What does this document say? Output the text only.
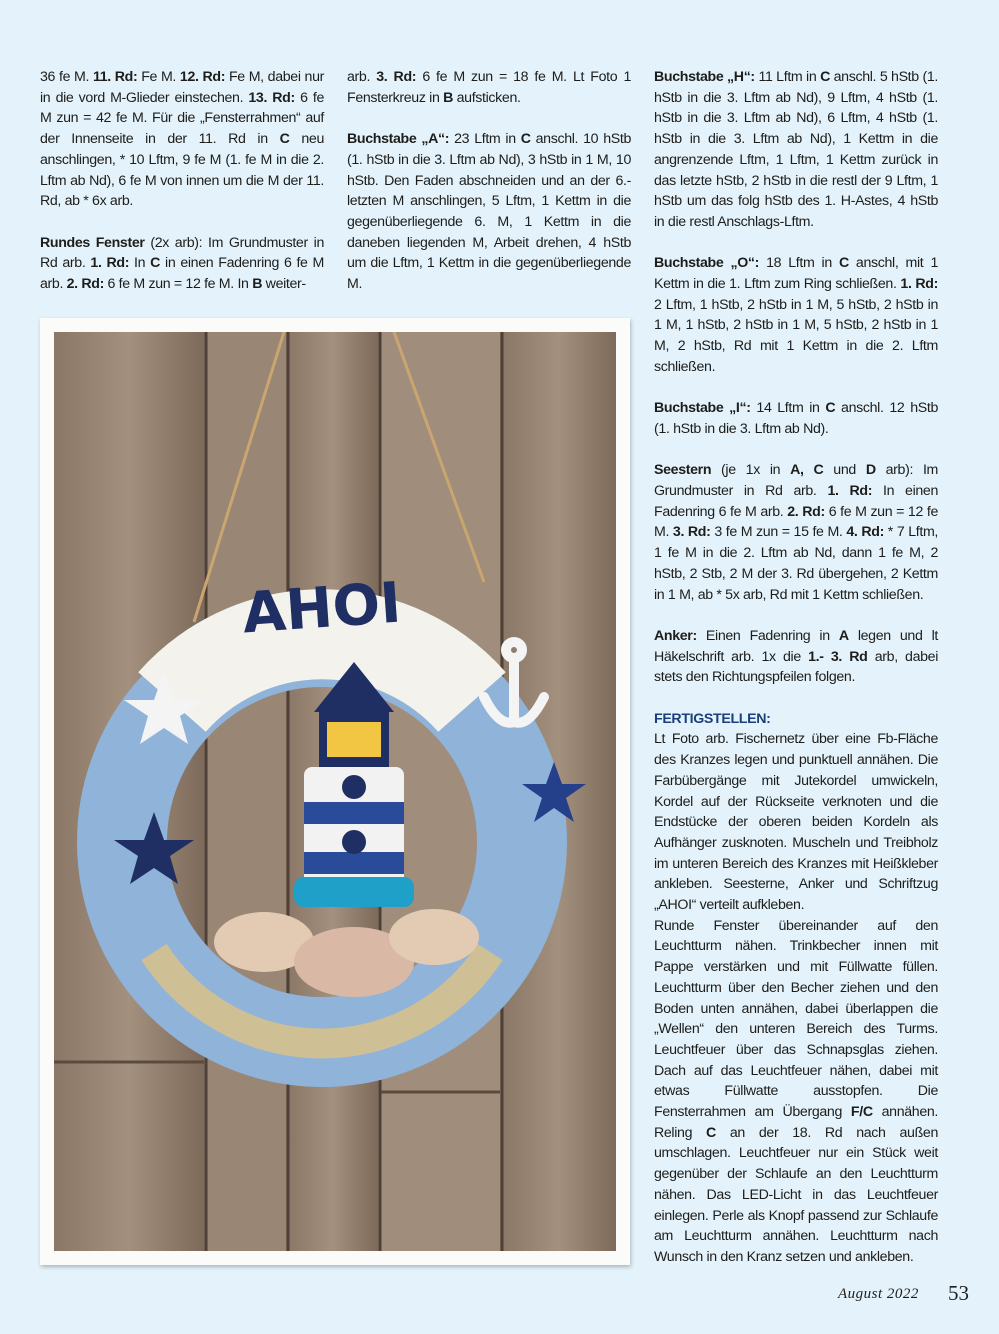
36 fe M. 11. Rd: Fe M. 12. Rd: Fe M, dabei nur in die vord M-Glieder einstechen. 13. Rd: 6 fe M zun = 42 fe M. Für die „Fensterrahmen“ auf der Innenseite in der 11. Rd in C neu anschlingen, * 10 Lftm, 9 fe M (1. fe M in die 2. Lftm ab Nd), 6 fe M von innen um die M der 11. Rd, ab * 6x arb.

Rundes Fenster (2x arb): Im Grundmuster in Rd arb. 1. Rd: In C in einen Fadenring 6 fe M arb. 2. Rd: 6 fe M zun = 12 fe M. In B weiter-

arb. 3. Rd: 6 fe M zun = 18 fe M. Lt Foto 1 Fensterkreuz in B aufsticken.

Buchstabe „A“: 23 Lftm in C anschl. 10 hStb (1. hStb in die 3. Lftm ab Nd), 3 hStb in 1 M, 10 hStb. Den Faden abschneiden und an der 6.-letzten M anschlingen, 5 Lftm, 1 Kettm in die gegenüberliegende 6. M, 1 Kettm in die daneben liegenden M, Arbeit drehen, 4 hStb um die Lftm, 1 Kettm in die gegenüberliegende M.

AHOI

Buchstabe „H“: 11 Lftm in C anschl. 5 hStb (1. hStb in die 3. Lftm ab Nd), 9 Lftm, 4 hStb (1. hStb in die 3. Lftm ab Nd), 6 Lftm, 4 hStb (1. hStb in die 3. Lftm ab Nd), 1 Kettm in die angrenzende Lftm, 1 Lftm, 1 Kettm zurück in das letzte hStb, 2 hStb in die restl der 9 Lftm, 1 hStb um das folg hStb des 1. H-Astes, 4 hStb in die restl Anschlags-Lftm.

Buchstabe „O“: 18 Lftm in C anschl, mit 1 Kettm in die 1. Lftm zum Ring schließen. 1. Rd: 2 Lftm, 1 hStb, 2 hStb in 1 M, 5 hStb, 2 hStb in 1 M, 1 hStb, 2 hStb in 1 M, 5 hStb, 2 hStb in 1 M, 2 hStb, Rd mit 1 Kettm in die 2. Lftm schließen.

Buchstabe „I“: 14 Lftm in C anschl. 12 hStb (1. hStb in die 3. Lftm ab Nd).

Seestern (je 1x in A, C und D arb): Im Grundmuster in Rd arb. 1. Rd: In einen Fadenring 6 fe M arb. 2. Rd: 6 fe M zun = 12 fe M. 3. Rd: 3 fe M zun = 15 fe M. 4. Rd: * 7 Lftm, 1 fe M in die 2. Lftm ab Nd, dann 1 fe M, 2 hStb, 2 Stb, 2 M der 3. Rd übergehen, 2 Kettm in 1 M, ab * 5x arb, Rd mit 1 Kettm schließen.

Anker: Einen Fadenring in A legen und lt Häkelschrift arb. 1x die 1.- 3. Rd arb, dabei stets den Richtungspfeilen folgen.

FERTIGSTELLEN:

Lt Foto arb. Fischernetz über eine Fb-Fläche des Kranzes legen und punktuell annähen. Die Farbübergänge mit Jutekordel umwickeln, Kordel auf der Rückseite verknoten und die Endstücke der oberen beiden Kordeln als Aufhänger zusknoten. Muscheln und Treibholz im unteren Bereich des Kranzes mit Heißkleber ankleben. Seesterne, Anker und Schriftzug „AHOI“ verteilt aufkleben.

Runde Fenster übereinander auf den Leuchtturm nähen. Trinkbecher innen mit Pappe verstärken und mit Füllwatte füllen. Leuchtturm über den Becher ziehen und den Boden unten annähen, dabei überlappen die „Wellen“ den unteren Bereich des Turms. Leuchtfeuer über das Schnapsglas ziehen. Dach auf das Leuchtfeuer nähen, dabei mit etwas Füllwatte ausstopfen. Die Fensterrahmen am Übergang F/C annähen. Reling C an der 18. Rd nach außen umschlagen. Leuchtfeuer nur ein Stück weit gegenüber der Schlaufe an den Leuchtturm nähen. Das LED-Licht in das Leuchtfeuer einlegen. Perle als Knopf passend zur Schlaufe am Leuchtturm annähen. Leuchtturm nach Wunsch in den Kranz setzen und ankleben.

August 2022 53
